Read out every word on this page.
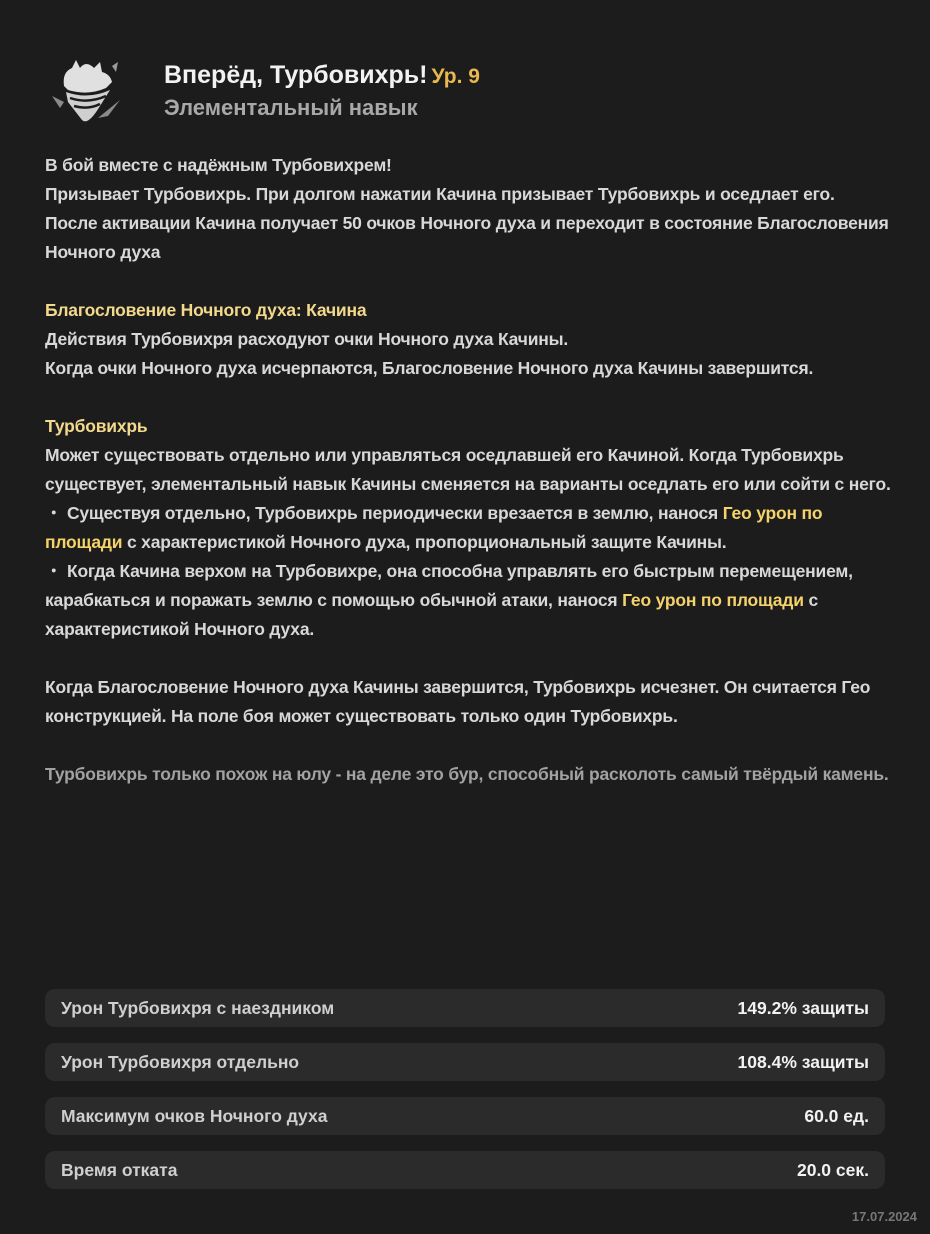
Вперёд, Турбовихрь! Ур. 9
Элементальный навык

В бой вместе с надёжным Турбовихрем!

Призывает Турбовихрь. При долгом нажатии Качина призывает Турбовихрь и оседлает его.

После активации Качина получает 50 очков Ночного духа и переходит в состояние Благословения Ночного духа

Благословение Ночного духа: Качина

Действия Турбовихря расходуют очки Ночного духа Качины.

Когда очки Ночного духа исчерпаются, Благословение Ночного духа Качины завершится.

Турбовихрь

Может существовать отдельно или управляться оседлавшей его Качиной. Когда Турбовихрь существует, элементальный навык Качины сменяется на варианты оседлать его или сойти с него.

・ Существуя отдельно, Турбовихрь периодически врезается в землю, нанося Гео урон по площади с характеристикой Ночного духа, пропорциональный защите Качины.

・ Когда Качина верхом на Турбовихре, она способна управлять его быстрым перемещением, карабкаться и поражать землю с помощью обычной атаки, нанося Гео урон по площади с характеристикой Ночного духа.

Когда Благословение Ночного духа Качины завершится, Турбовихрь исчезнет. Он считается Гео конструкцией. На поле боя может существовать только один Турбовихрь.

Турбовихрь только похож на юлу - на деле это бур, способный расколоть самый твёрдый камень.

Урон Турбовихря с наездником	149.2% защиты
Урон Турбовихря отдельно	108.4% защиты
Максимум очков Ночного духа	60.0 ед.
Время отката	20.0 сек.
17.07.2024
